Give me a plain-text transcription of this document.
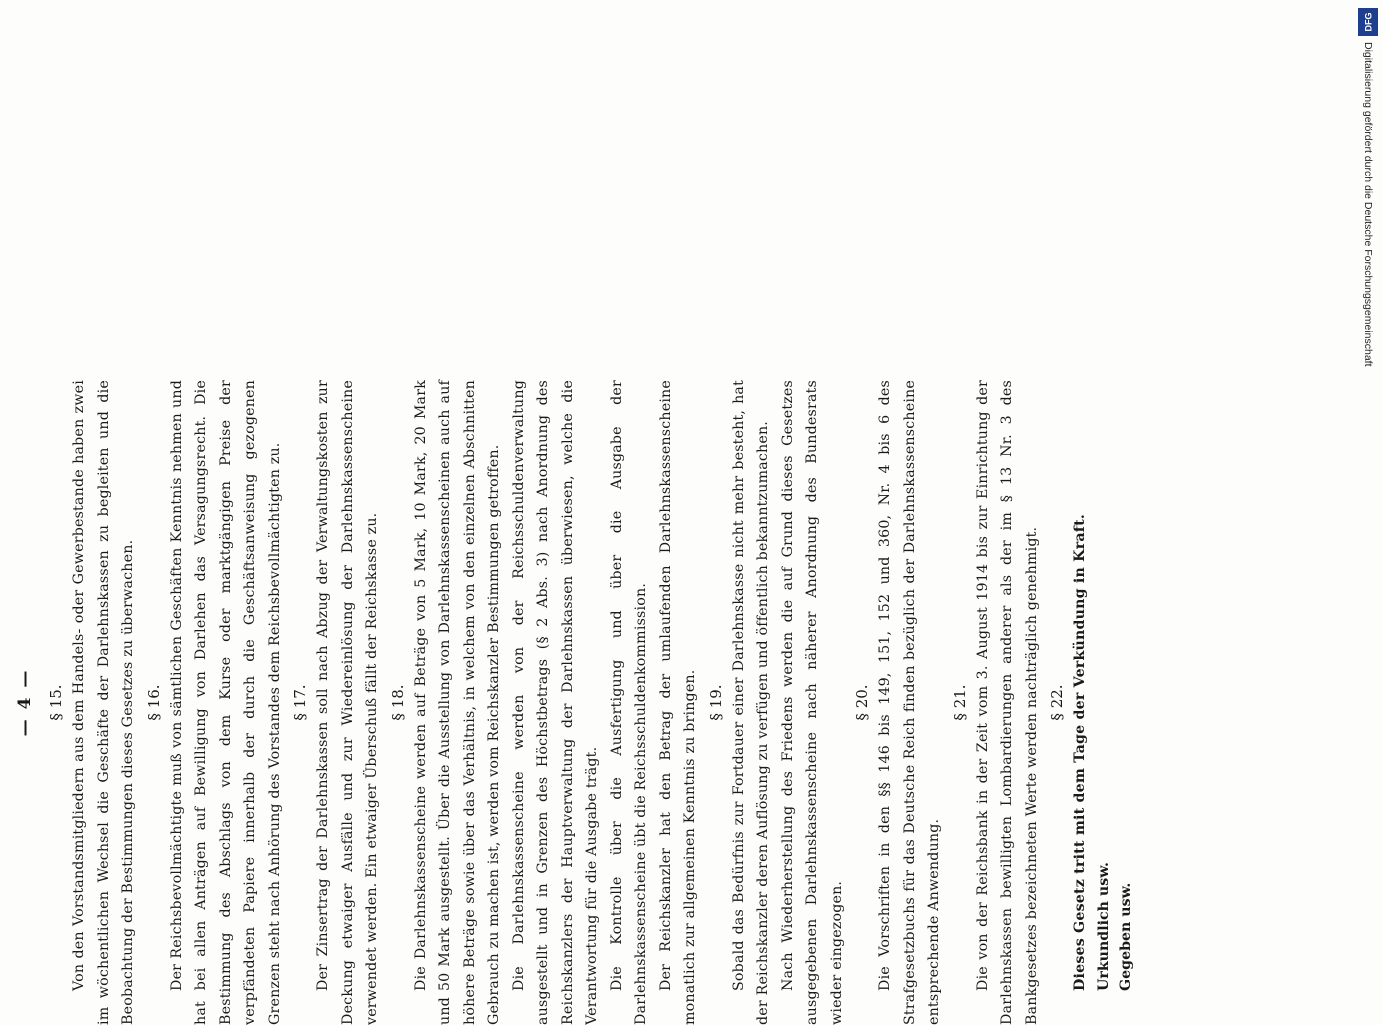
— 4 — § 15. Von den Vorstandsmitgliedern aus dem Handels- oder Gewerbestande haben zwei im wöchentlichen Wechsel die Geschäfte der Darlehnskassen zu begleiten und die Beobachtung der Bestimmungen dieses Gesetzes zu überwachen. § 16. Der Reichsbevollmächtigte muß von sämtlichen Geschäften Kenntnis nehmen und hat bei allen Anträgen auf Bewilligung von Darlehen das Versagungsrecht. Die Bestimmung des Abschlags von dem Kurse oder marktgängigen Preise der verpfändeten Papiere innerhalb der durch die Geschäftsanweisung gezogenen Grenzen steht nach Anhörung des Vorstandes dem Reichsbevollmächtigten zu. § 17. Der Zinsertrag der Darlehnskassen soll nach Abzug der Verwaltungskosten zur Deckung etwaiger Ausfälle und zur Wiedereinlösung der Darlehnskassenscheine verwendet werden. Ein etwaiger Überschuß fällt der Reichskasse zu. § 18. Die Darlehnskassenscheine werden auf Beträge von 5 Mark, 10 Mark, 20 Mark und 50 Mark ausgestellt. Über die Ausstellung von Darlehnskassenscheinen auch auf höhere Beträge sowie über das Verhältnis, in welchem von den einzelnen Abschnitten Gebrauch zu machen ist, werden vom Reichskanzler Bestimmungen getroffen. Die Darlehnskassenscheine werden von der Reichsschuldenverwaltung ausgestellt und in Grenzen des Höchstbetrags (§ 2 Abs. 3) nach Anordnung des Reichskanzlers der Hauptverwaltung der Darlehnskassen überwiesen, welche die Verantwortung für die Ausgabe trägt. Die Kontrolle über die Ausfertigung und über die Ausgabe der Darlehnskassenscheine übt die Reichsschuldenkommission. Der Reichskanzler hat den Betrag der umlaufenden Darlehnskassenscheine monatlich zur allgemeinen Kenntnis zu bringen. § 19. Sobald das Bedürfnis zur Fortdauer einer Darlehnskasse nicht mehr besteht, hat der Reichskanzler deren Auflösung zu verfügen und öffentlich bekanntzumachen. Nach Wiederherstellung des Friedens werden die auf Grund dieses Gesetzes ausgegebenen Darlehnskassenscheine nach näherer Anordnung des Bundesrats wieder eingezogen.

§ 20. Die Vorschriften in den §§ 146 bis 149, 151, 152 und 360, Nr. 4 bis 6 des Strafgesetzbuchs für das Deutsche Reich finden bezüglich der Darlehnskassenscheine entsprechende Anwendung.

§ 21. Die von der Reichsbank in der Zeit vom 3. August 1914 bis zur Einrichtung der Darlehnskassen bewilligten Lombardierungen anderer als der im § 13 Nr. 3 des Bankgesetzes bezeichneten Werte werden nachträglich genehmigt. § 22. Dieses Gesetz tritt mit dem Tage der Verkündung in Kraft. Urkundlich usw. Gegeben usw.

DFG
Digitalisierung gefördert durch die Deutsche Forschungsgemeinschaft
